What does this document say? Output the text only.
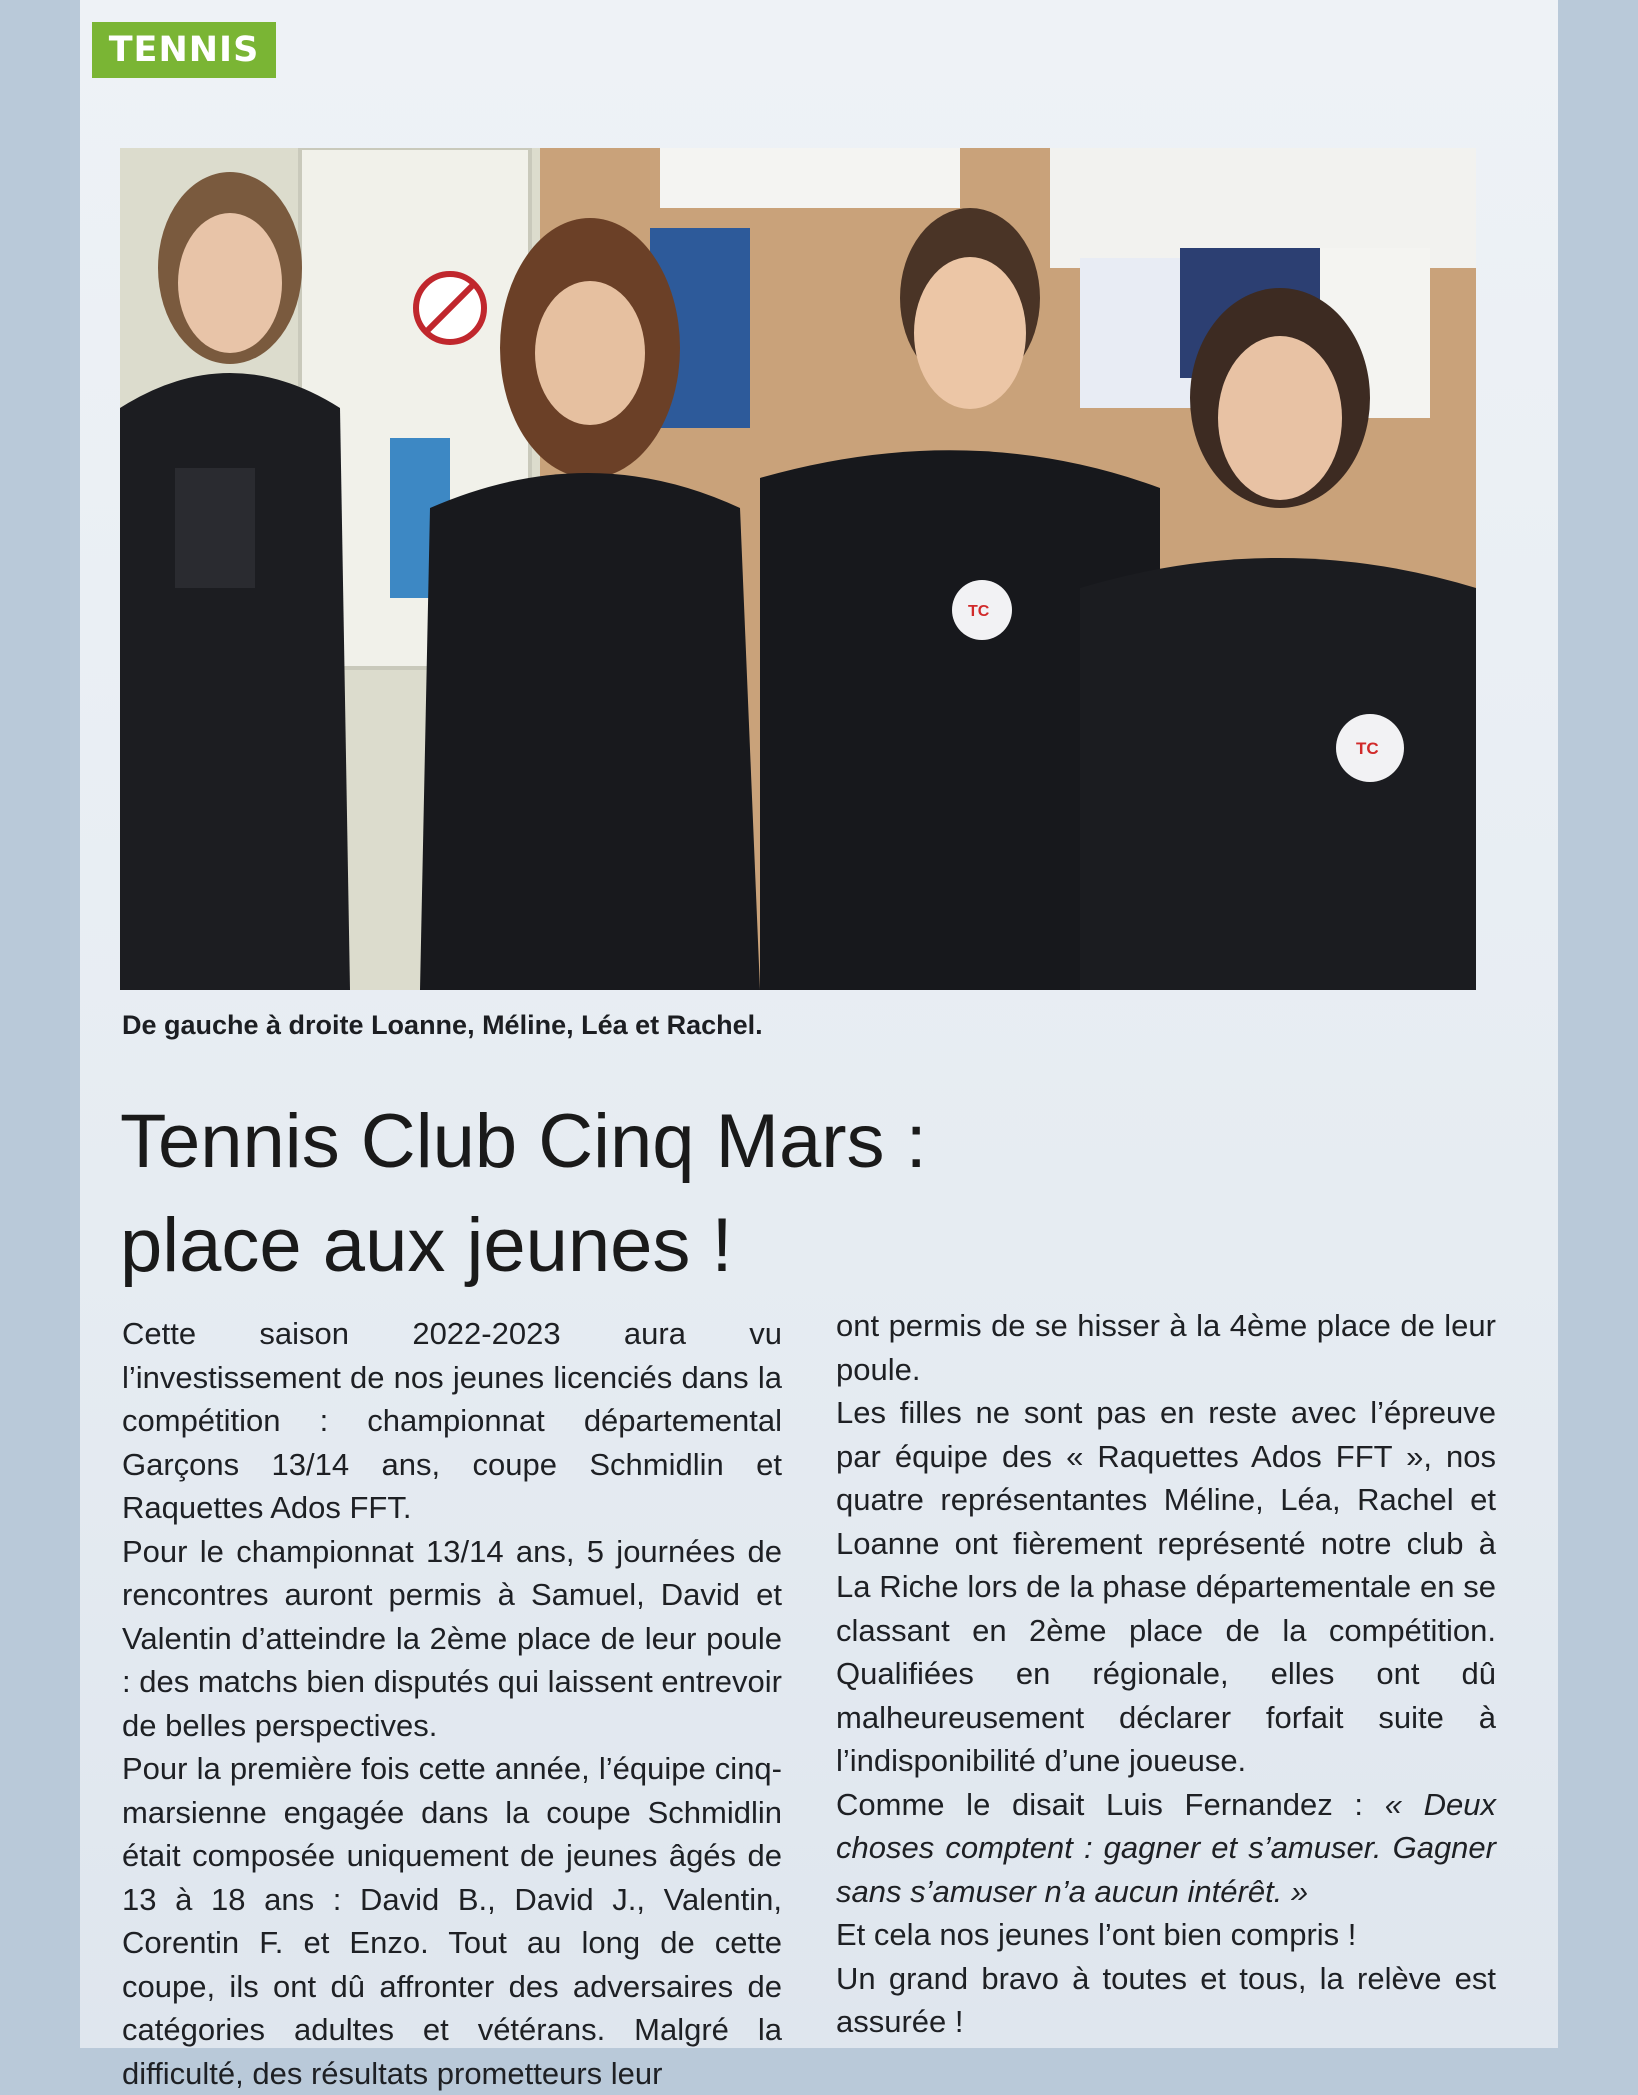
TENNIS
TC
TC
De gauche à droite Loanne, Méline, Léa et Rachel.
Tennis Club Cinq Mars :
place aux jeunes !

Cette saison 2022-2023 aura vu l’investissement de nos jeunes licenciés dans la compétition : championnat départemental Garçons 13/14 ans, coupe Schmidlin et Raquettes Ados FFT.

Pour le championnat 13/14 ans, 5 journées de rencontres auront permis à Samuel, David et Valentin d’atteindre la 2ème place de leur poule : des matchs bien disputés qui laissent entrevoir de belles perspectives.

Pour la première fois cette année, l’équipe cinq-marsienne engagée dans la coupe Schmidlin était composée uniquement de jeunes âgés de 13 à 18 ans : David B., David J., Valentin, Corentin F. et Enzo. Tout au long de cette coupe, ils ont dû affronter des adversaires de catégories adultes et vétérans. Malgré la difficulté, des résultats prometteurs leur

ont permis de se hisser à la 4ème place de leur poule.

Les filles ne sont pas en reste avec l’épreuve par équipe des « Raquettes Ados FFT », nos quatre représentantes Méline, Léa, Rachel et Loanne ont fièrement représenté notre club à La Riche lors de la phase départementale en se classant en 2ème place de la compétition. Qualifiées en régionale, elles ont dû malheureusement déclarer forfait suite à l’indisponibilité d’une joueuse.

Comme le disait Luis Fernandez : « Deux choses comptent : gagner et s’amuser. Gagner sans s’amuser n’a aucun intérêt. »

Et cela nos jeunes l’ont bien compris !

Un grand bravo à toutes et tous, la relève est assurée !
